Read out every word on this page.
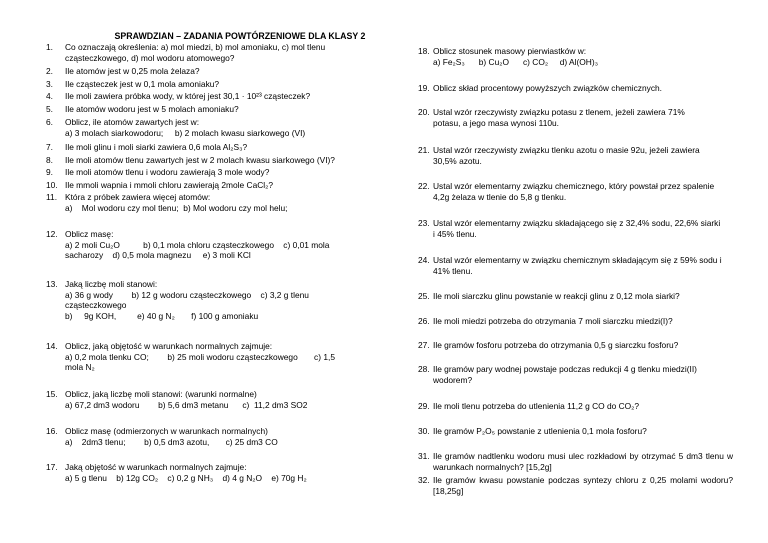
SPRAWDZIAN – ZADANIA POWTÓRZENIOWE DLA KLASY 2
1.	Co oznaczają określenia: a) mol miedzi, b) mol amoniaku, c) mol tlenu cząsteczkowego, d) mol wodoru atomowego?
2.	Ile atomów jest w 0,25 mola żelaza?
3.	Ile cząsteczek jest w 0,1 mola amoniaku?
4.	Ile moli zawiera próbka wody, w której jest 30,1 · 10²³ cząsteczek?
5.	Ile atomów wodoru jest w 5 molach amoniaku?
6.	Oblicz, ile atomów zawartych jest w:
a) 3 molach siarkowodoru; b) 2 molach kwasu siarkowego (VI)
7.	Ile moli glinu i moli siarki zawiera 0,6 mola Al₂S₃?
8.	Ile moli atomów tlenu zawartych jest w 2 molach kwasu siarkowego (VI)?
9.	Ile moli atomów tlenu i wodoru zawierają 3 mole wody?
10. Ile mmoli wapnia i mmoli chloru zawierają 2mole CaCl₂?
11. Która z próbek zawiera więcej atomów:
a)    Mol wodoru czy mol tlenu;  b) Mol wodoru czy mol helu;
12. Oblicz masę:
a) 2 moli Cu₂O          b) 0,1 mola chloru cząsteczkowego    c) 0,01 mola
sacharozy    d) 0,5 mola magnezu     e) 3 moli KCl
13. Jaką liczbę moli stanowi:
a) 36 g wody        b) 12 g wodoru cząsteczkowego    c) 3,2 g tlenu
cząsteczkowego
b)     9g KOH,         e) 40 g N₂       f) 100 g amoniaku
14. Oblicz, jaką objętość w warunkach normalnych zajmuje:
a) 0,2 mola tlenku CO;        b) 25 moli wodoru cząsteczkowego       c) 1,5
mola N₂
15. Oblicz, jaką liczbę moli stanowi: (warunki normalne)
a) 67,2 dm3 wodoru        b) 5,6 dm3 metanu      c)  11,2 dm3 SO2
16. Oblicz masę (odmierzonych w warunkach normalnych)
a)    2dm3 tlenu;        b) 0,5 dm3 azotu,       c) 25 dm3 CO
17. Jaką objętość w warunkach normalnych zajmuje:
a) 5 g tlenu    b) 12g CO₂    c) 0,2 g NH₃    d) 4 g N₂O    e) 70g H₂
18. Oblicz stosunek masowy pierwiastków w:
a) Fe₂S₃      b) Cu₂O      c) CO₂     d) Al(OH)₃
19. Oblicz skład procentowy powyższych związków chemicznych.
20. Ustal wzór rzeczywisty związku potasu z tlenem, jeżeli zawiera 71% potasu, a jego masa wynosi 110u.
21. Ustal wzór rzeczywisty związku tlenku azotu o masie 92u, jeżeli zawiera 30,5% azotu.
22. Ustal wzór elementarny związku chemicznego, który powstał przez spalenie 4,2g żelaza w tlenie do 5,8 g tlenku.
23. Ustal wzór elementarny związku składającego się z 32,4% sodu, 22,6% siarki i 45% tlenu.
24. Ustal wzór elementarny w związku chemicznym składającym się z 59% sodu i 41% tlenu.
25. Ile moli siarczku glinu powstanie w reakcji glinu z 0,12 mola siarki?
26. Ile moli miedzi potrzeba do otrzymania 7 moli siarczku miedzi(I)?
27. Ile gramów fosforu potrzeba do otrzymania 0,5 g siarczku fosforu?
28. Ile gramów pary wodnej powstaje podczas redukcji 4 g tlenku miedzi(II) wodorem?
29. Ile moli tlenu potrzeba do utlenienia 11,2 g CO do CO₂?
30. Ile gramów P₂O₅ powstanie z utlenienia 0,1 mola fosforu?
31. Ile gramów nadtlenku wodoru musi ulec rozkładowi by otrzymać 5 dm3 tlenu w warunkach normalnych? [15,2g]
32. Ile gramów kwasu powstanie podczas syntezy chloru z 0,25 molami wodoru? [18,25g]
